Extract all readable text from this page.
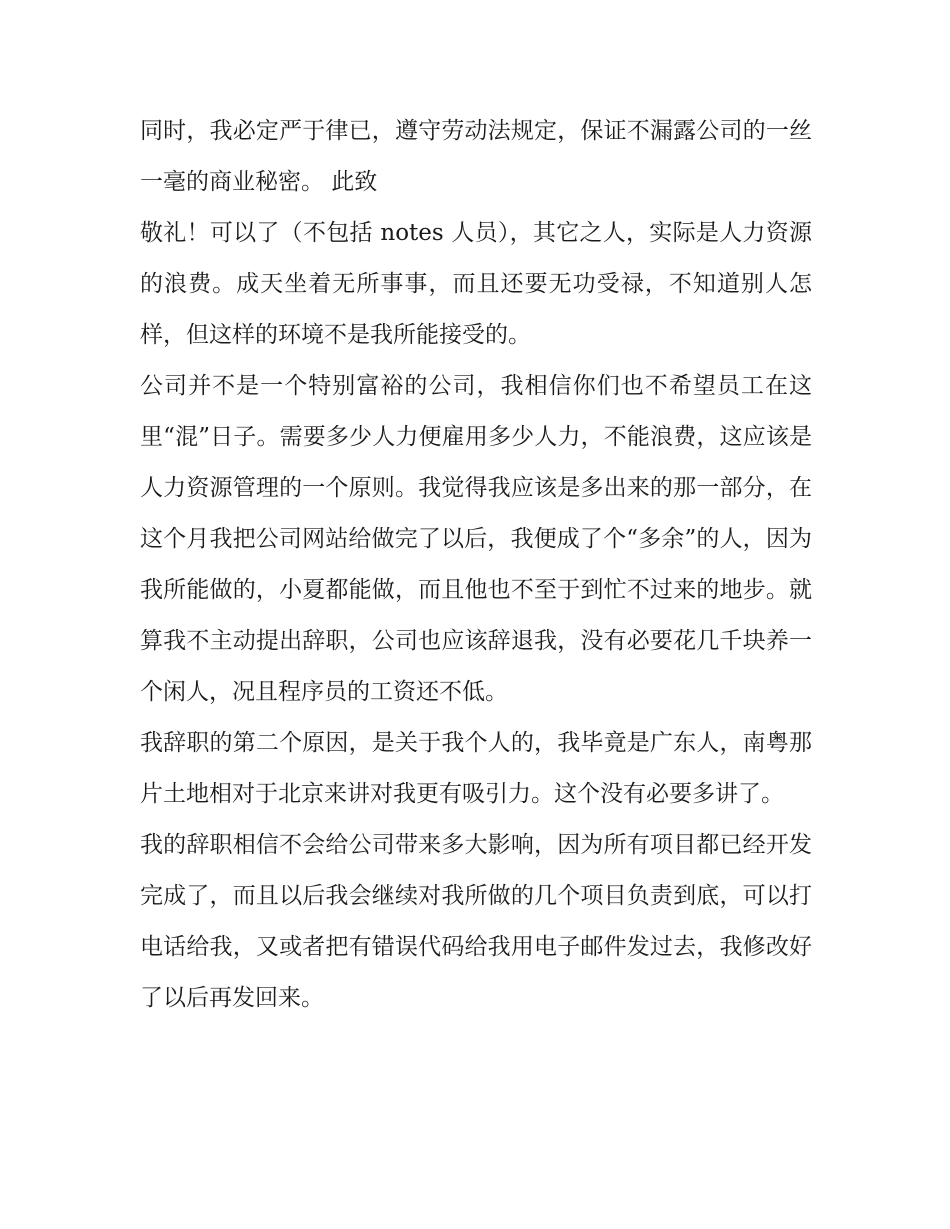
同时，我必定严于律已，遵守劳动法规定，保证不漏露公司的一丝一毫的商业秘密。 此致

敬礼！可以了（不包括 notes 人员），其它之人，实际是人力资源的浪费。成天坐着无所事事，而且还要无功受禄，不知道别人怎样，但这样的环境不是我所能接受的。

公司并不是一个特别富裕的公司，我相信你们也不希望员工在这里“混”日子。需要多少人力便雇用多少人力，不能浪费，这应该是人力资源管理的一个原则。我觉得我应该是多出来的那一部分，在这个月我把公司网站给做完了以后，我便成了个“多余”的人，因为我所能做的，小夏都能做，而且他也不至于到忙不过来的地步。就算我不主动提出辞职，公司也应该辞退我，没有必要花几千块养一个闲人，况且程序员的工资还不低。

我辞职的第二个原因，是关于我个人的，我毕竟是广东人，南粤那片土地相对于北京来讲对我更有吸引力。这个没有必要多讲了。

我的辞职相信不会给公司带来多大影响，因为所有项目都已经开发完成了，而且以后我会继续对我所做的几个项目负责到底，可以打电话给我，又或者把有错误代码给我用电子邮件发过去，我修改好了以后再发回来。
